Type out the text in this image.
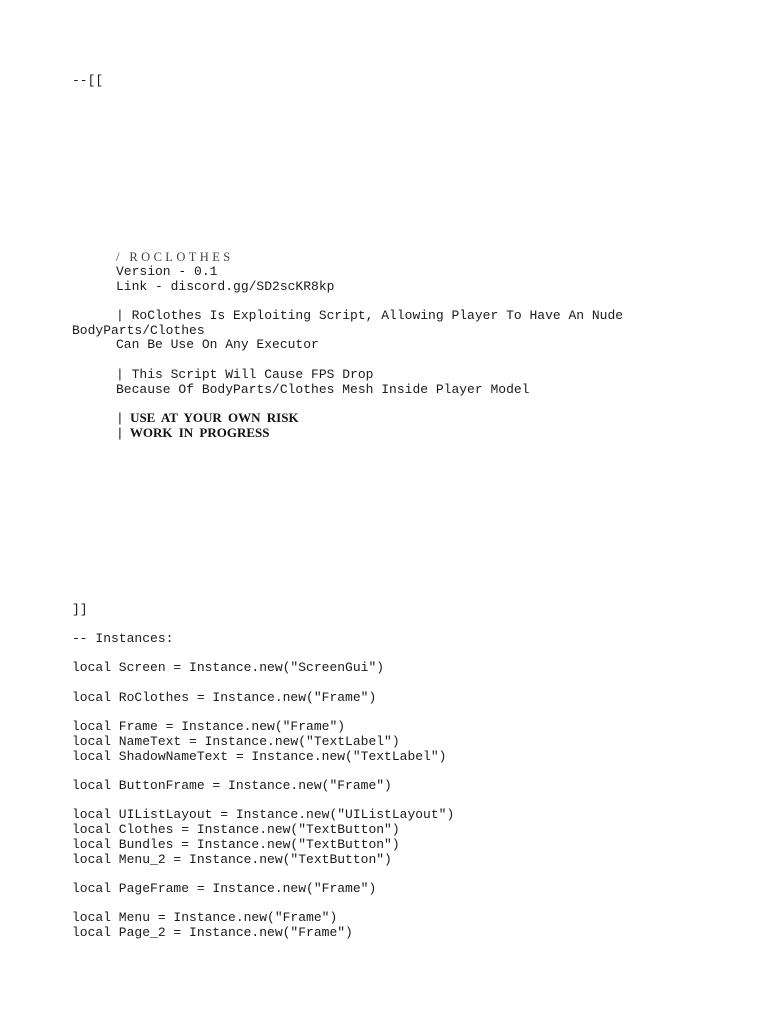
--[[
/ ROCLOTHES
Version - 0.1
Link - discord.gg/SD2scKR8kp
| RoClothes Is Exploiting Script, Allowing Player To Have An Nude
BodyParts/Clothes
Can Be Use On Any Executor
| This Script Will Cause FPS Drop
Because Of BodyParts/Clothes Mesh Inside Player Model
| USE AT YOUR OWN RISK
| WORK IN PROGRESS
]]
-- Instances:
local Screen = Instance.new("ScreenGui")
local RoClothes = Instance.new("Frame")
local Frame = Instance.new("Frame")
local NameText = Instance.new("TextLabel")
local ShadowNameText = Instance.new("TextLabel")
local ButtonFrame = Instance.new("Frame")
local UIListLayout = Instance.new("UIListLayout")
local Clothes = Instance.new("TextButton")
local Bundles = Instance.new("TextButton")
local Menu_2 = Instance.new("TextButton")
local PageFrame = Instance.new("Frame")
local Menu = Instance.new("Frame")
local Page_2 = Instance.new("Frame")
